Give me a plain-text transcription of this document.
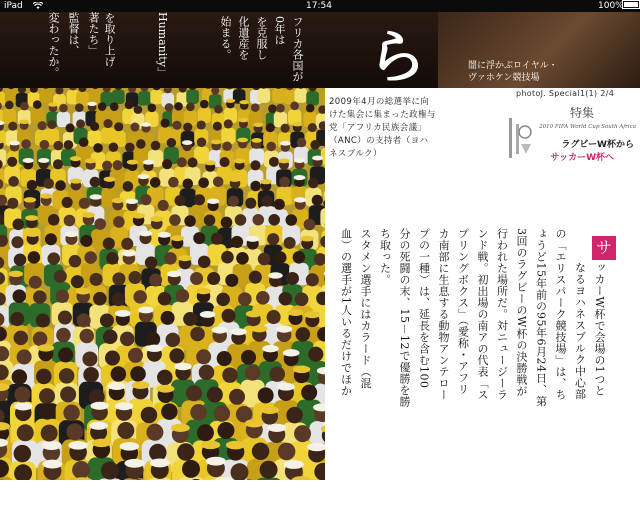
iPad	17:54	100%
フリカ各国が
0年は
を克服し
化遺産を
始まる。
Humanity」
を取り上げ
著たち」
監督は、
変わったか。	ら	闇に浮かぶロイヤル・
ヴァホケン競技場
2009年4月の総選挙に向けた集会に集まった政権与党「アフリカ民族会議」（ANC）の支持者（ヨハネスブルク）
photoJ. Special1(1) 2/4
特集
2010 FIFA World Cup South Africa
ラグビーW杯から
サッカーW杯へ
サ
ッカーW杯で会場の1つと
なるヨハネスブルク中心部
の「エリスパーク競技場」は、ち
ょうど15年前の95年6月24日、第
3回のラグビーのW杯の決勝戦が
行われた場所だ。対ニュージーラ
ンド戦。初出場の南アの代表「ス
プリングボクス」（愛称・アフリ
カ南部に生息する動物アンテロー
プの一種）は、延長を含む100
分の死闘の末、15－12で優勝を勝
ち取った。
スタメン選手にはカラード（混
血）の選手が1人いるだけでほか
